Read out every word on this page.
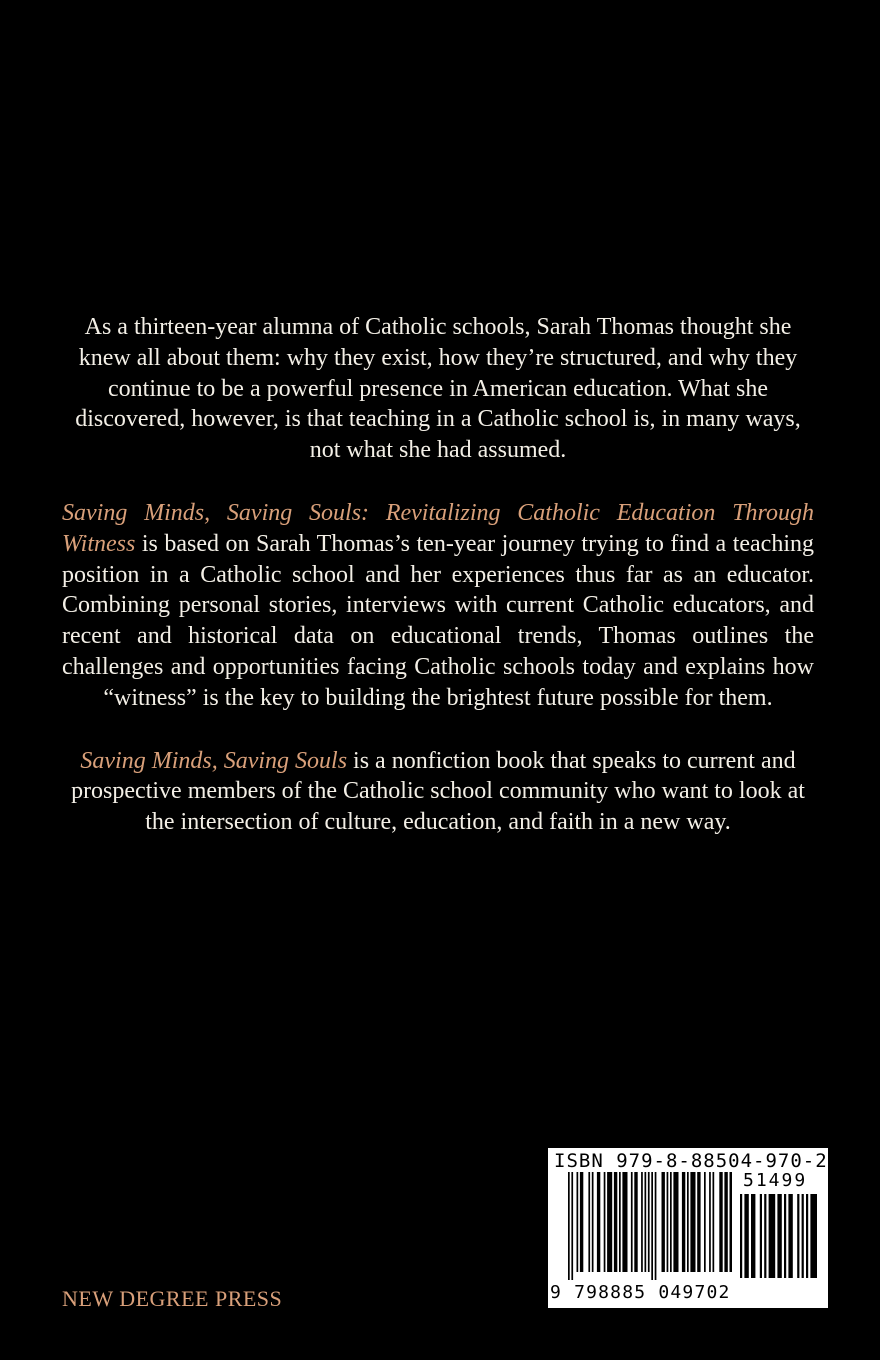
As a thirteen-year alumna of Catholic schools, Sarah Thomas thought she knew all about them: why they exist, how they’re structured, and why they continue to be a powerful presence in American education. What she discovered, however, is that teaching in a Catholic school is, in many ways, not what she had assumed.

Saving Minds, Saving Souls: Revitalizing Catholic Education Through Witness is based on Sarah Thomas’s ten-year journey trying to find a teaching position in a Catholic school and her experiences thus far as an educator. Combining personal stories, interviews with current Catholic educators, and recent and historical data on educational trends, Thomas outlines the challenges and opportunities facing Catholic schools today and explains how “witness” is the key to building the brightest future possible for them.

Saving Minds, Saving Souls is a nonfiction book that speaks to current and prospective members of the Catholic school community who want to look at the intersection of culture, education, and faith in a new way.

NEW DEGREE PRESS
ISBN 979-8-88504-970-2
51499
9 798885 049702
